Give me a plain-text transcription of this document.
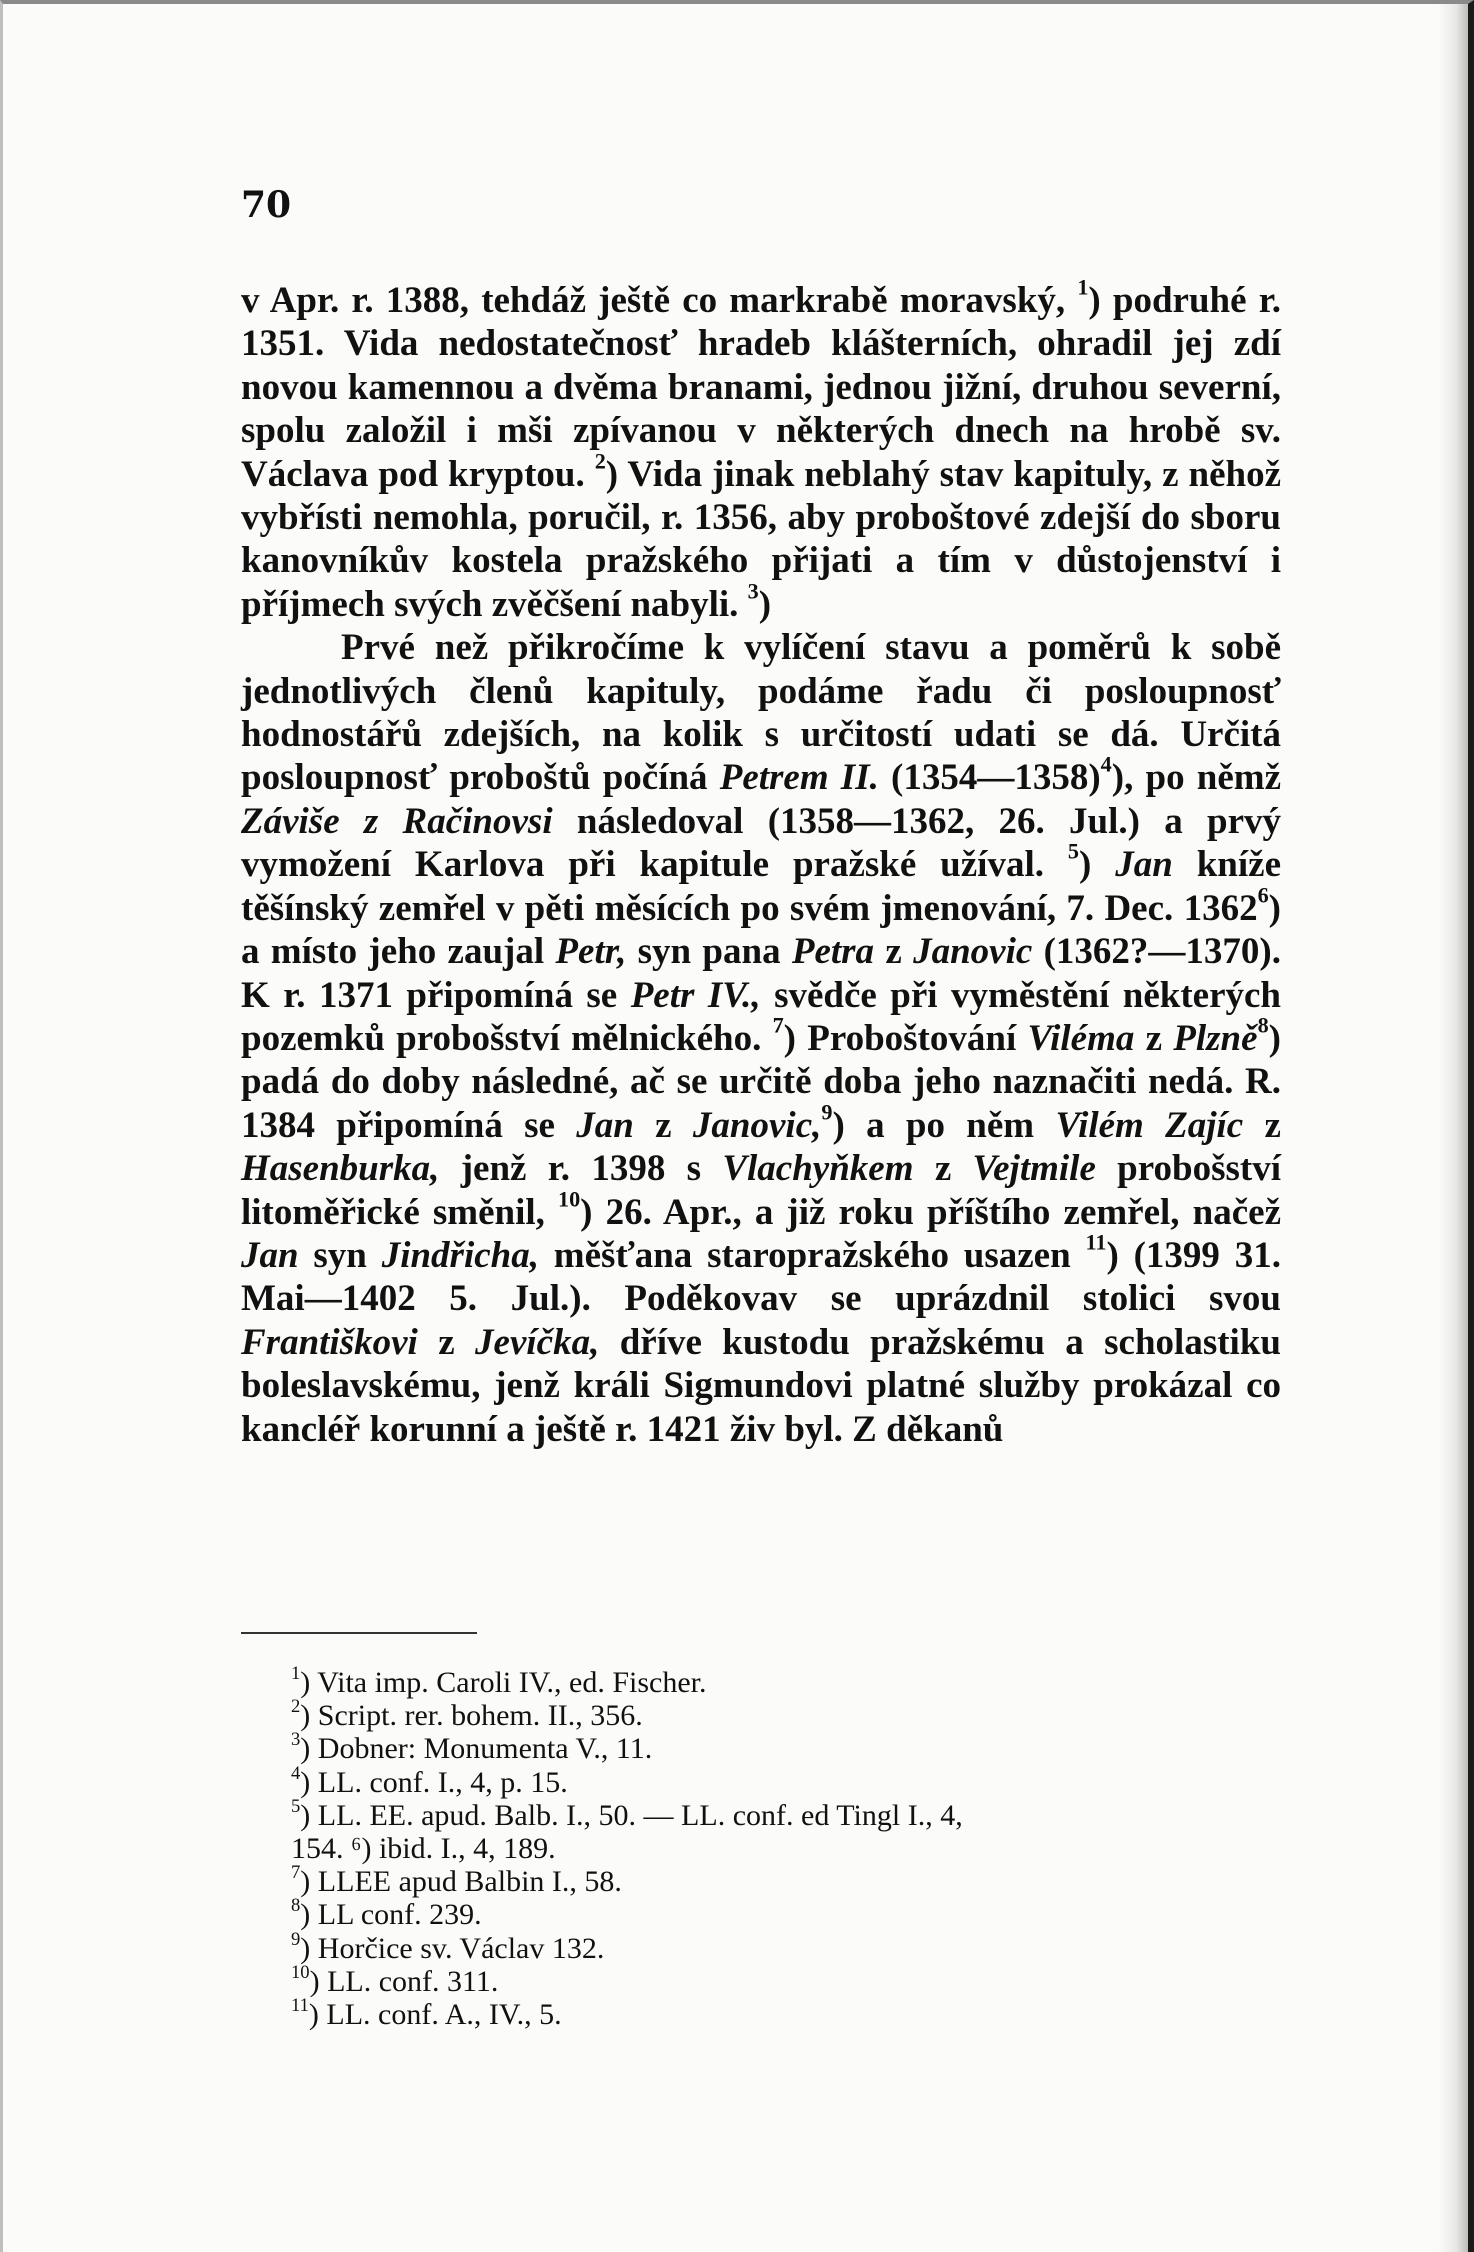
70

v Apr. r. 1388, tehdáž ještě co markrabě moravský, $^1$) podruhé r. 1351. Vida nedostatečnosť hradeb klášterních, ohradil jej zdí novou kamennou a dvěma branami, jednou jižní, druhou severní, spolu založil i mši zpívanou v některých dnech na hrobě sv. Václava pod kryptou. $^2$) Vida jinak neblahý stav kapituly, z něhož vybřísti nemohla, poručil, r. 1356, aby proboštové zdejší do sboru kanovníkův kostela pražského přijati a tím v důstojenství i příjmech svých zvěčšení nabyli. $^3$)

Prvé než přikročíme k vylíčení stavu a poměrů k sobě jednotlivých členů kapituly, podáme řadu či posloupnosť hodnostářů zdejších, na kolik s určitostí udati se dá. Určitá posloupnosť proboštů počíná Petrem II. (1354—1358)$^4$), po němž Záviše z Račinovsi následoval (1358—1362, 26. Jul.) a prvý vymožení Karlova při kapitule pražské užíval. $^5$) Jan kníže těšínský zemřel v pěti měsících po svém jmenování, 7. Dec. 1362$^6$) a místo jeho zaujal Petr, syn pana Petra z Janovic (1362?—1370). K r. 1371 připomíná se Petr IV., svědče při vyměstění některých pozemků probošství mělnického. $^7$) Proboštování Viléma z Plzně$^8$) padá do doby následné, ač se určitě doba jeho naznačiti nedá. R. 1384 připomíná se Jan z Janovic,$^9$) a po něm Vilém Zajíc z Hasenburka, jenž r. 1398 s Vlachyňkem z Vejtmile probošství litoměřické směnil, $^{10}$) 26. Apr., a již roku příštího zemřel, načež Jan syn Jindřicha, měšťana staropražského usazen $^{11}$) (1399 31. Mai—1402 5. Jul.). Poděkovav se uprázdnil stolici svou Františkovi z Jevíčka, dříve kustodu pražskému a scholastiku boleslavskému, jenž králi Sigmundovi platné služby prokázal co kancléř korunní a ještě r. 1421 živ byl. Z děkanů

$^1$) Vita imp. Caroli IV., ed. Fischer.
$^2$) Script. rer. bohem. II., 356.
$^3$) Dobner: Monumenta V., 11.
$^4$) LL. conf. I., 4, p. 15.
$^5$) LL. EE. apud. Balb. I., 50. — LL. conf. ed Tingl I., 4,
154. ⁶) ibid. I., 4, 189.
$^7$) LLEE apud Balbin I., 58.
$^8$) LL conf. 239.
$^9$) Horčice sv. Václav 132.
$^{10}$) LL. conf. 311.
$^{11}$) LL. conf. A., IV., 5.
